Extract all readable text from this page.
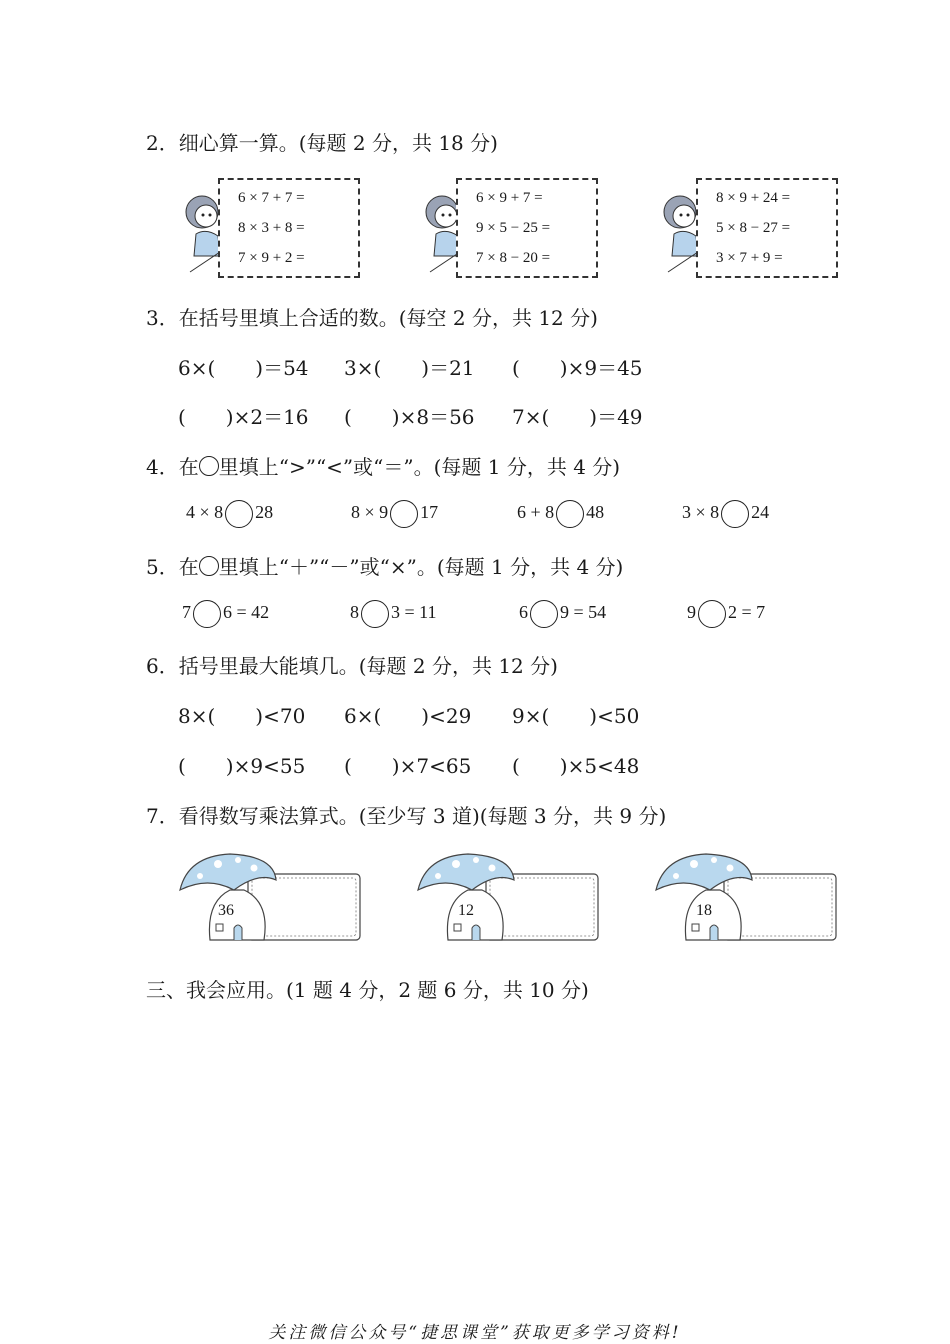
2．细心算一算。(每题 2 分，共 18 分)
6 × 7 + 7 =
8 × 3 + 8 =
7 × 9 + 2 =
6 × 9 + 7 =
9 × 5 − 25 =
7 × 8 − 20 =
8 × 9 + 24 =
5 × 8 − 27 =
3 × 7 + 9 =
3．在括号里填上合适的数。(每空 2 分，共 12 分)
6×(　　)＝54 3×(　　)＝21 (　　)×9＝45
(　　)×2＝16 (　　)×8＝56 7×(　　)＝49
4．在 里填上“>”“<”或“＝”。(每题 1 分，共 4 分)
4 × 8 28	8 × 9 17	6 + 8 48	3 × 8 24
5．在 里填上“＋”“－”或“×”。(每题 1 分，共 4 分)
7 6 = 42	8 3 = 11	6 9 = 54	9 2 = 7
6．括号里最大能填几。(每题 2 分，共 12 分)
8×(　　)<70 6×(　　)<29 9×(　　)<50
(　　)×9<55 (　　)×7<65 (　　)×5<48
7．看得数写乘法算式。(至少写 3 道)(每题 3 分，共 9 分)
36	12	18
三、我会应用。(1 题 4 分，2 题 6 分，共 10 分)
关注微信公众号“捷思课堂”获取更多学习资料!
